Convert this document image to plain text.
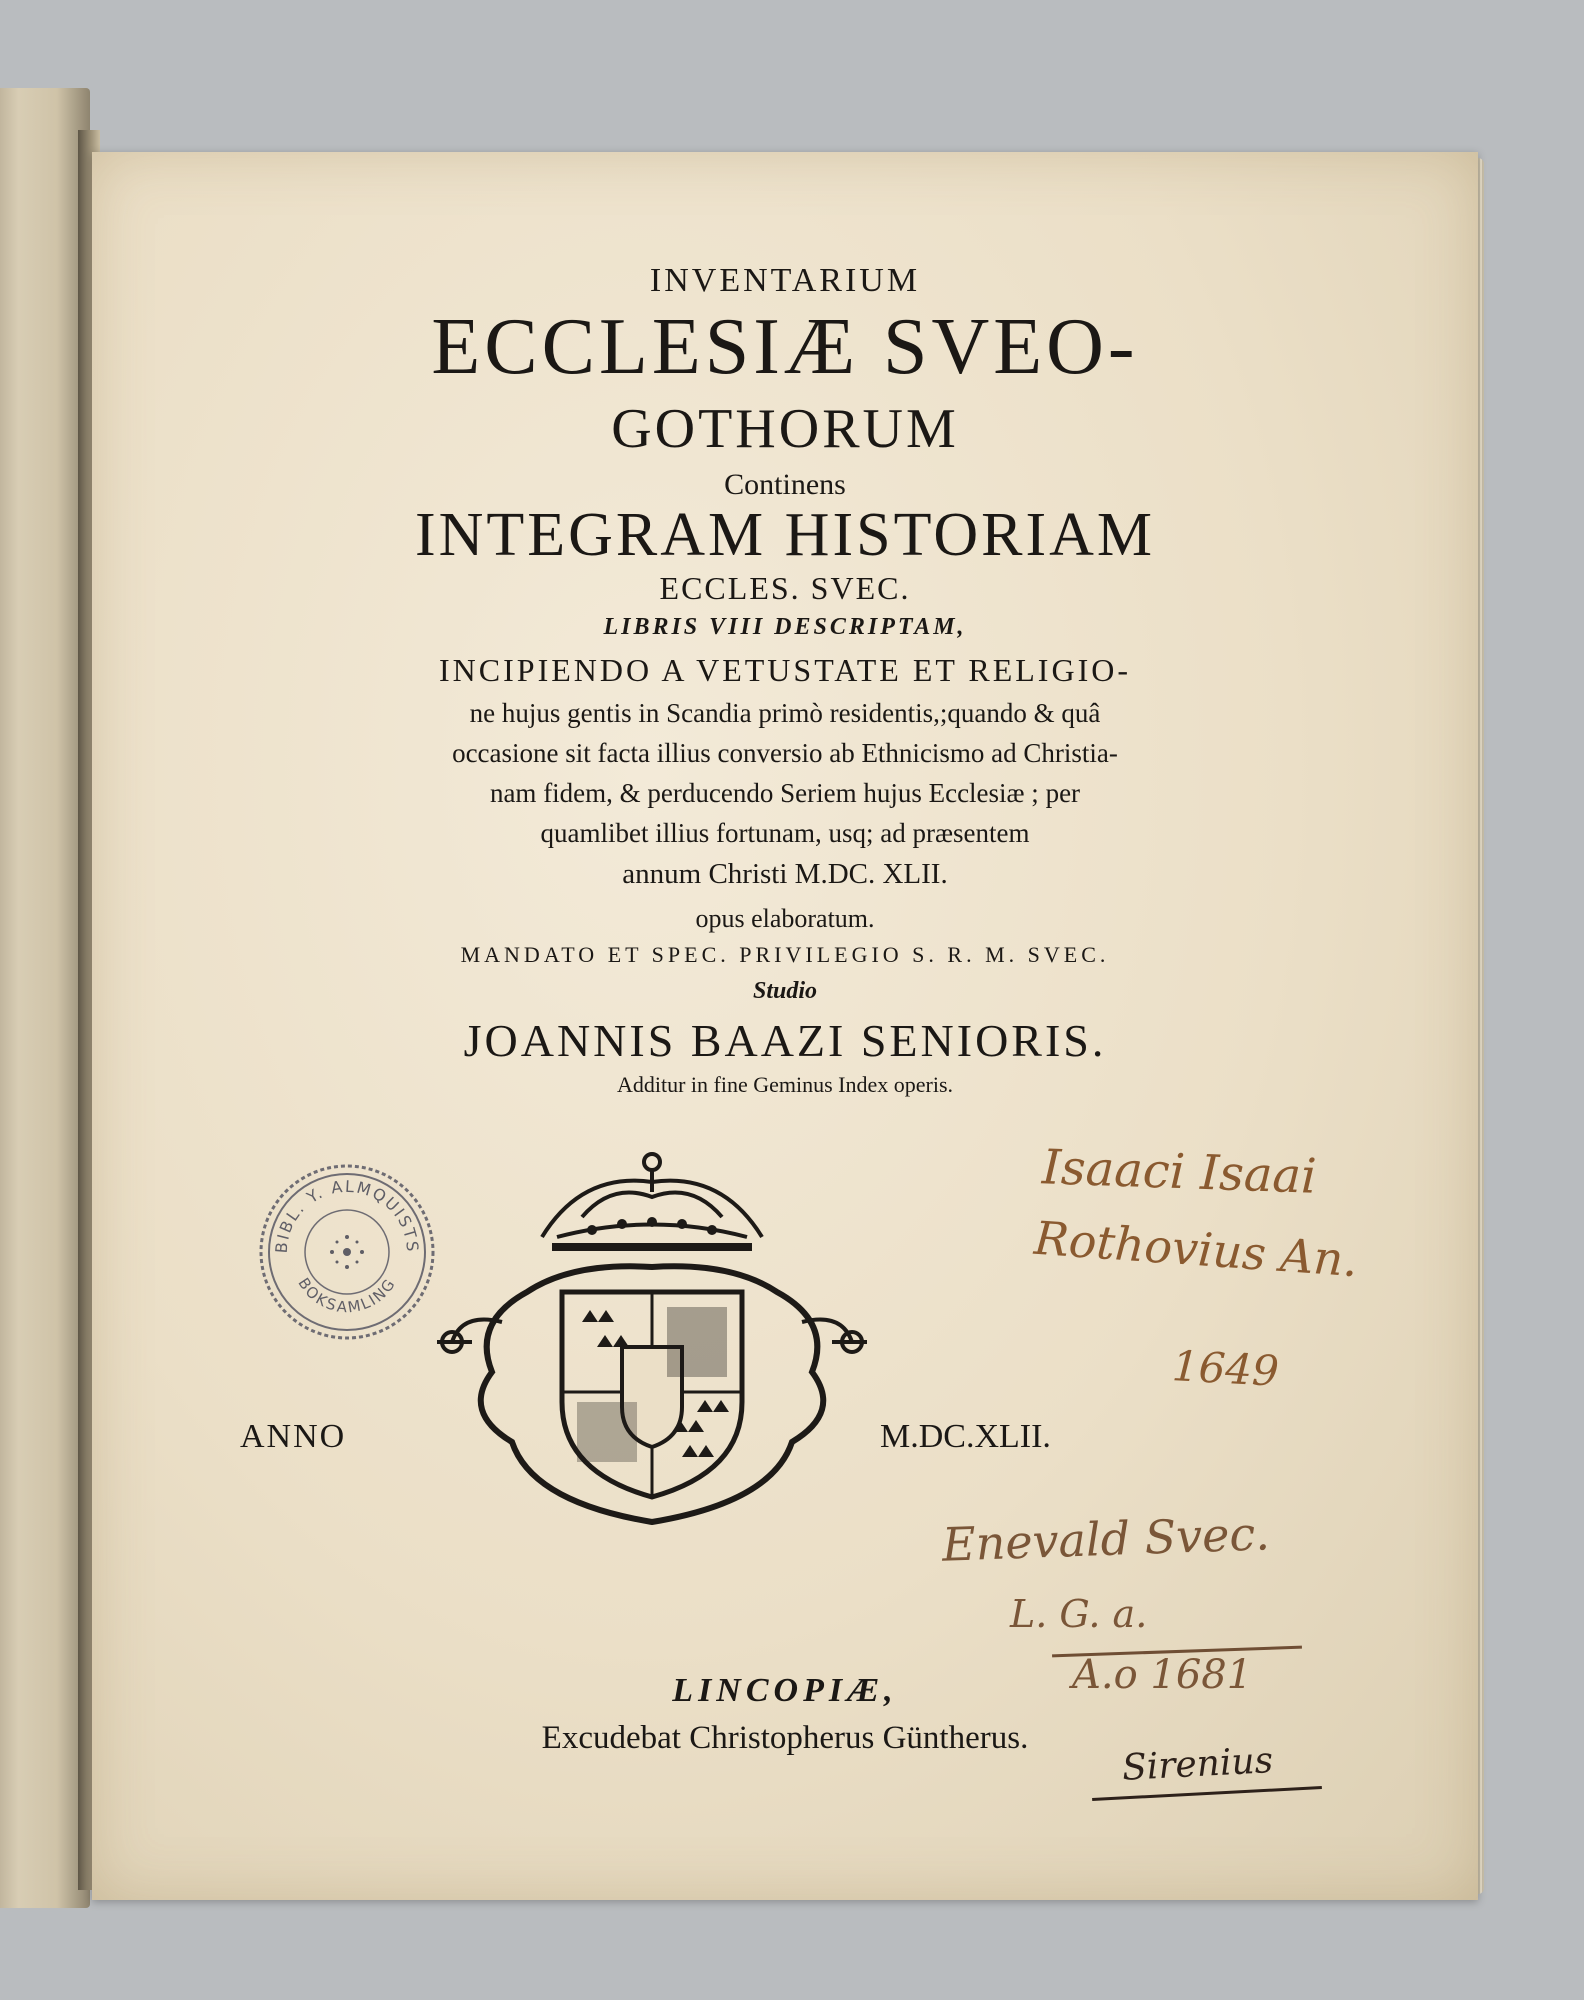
INVENTARIUM
ECCLESIÆ SVEO-
GOTHORUM
Continens
INTEGRAM HISTORIAM
ECCLES. SVEC.
LIBRIS VIII DESCRIPTAM,
INCIPIENDO A VETUSTATE ET RELIGIO-
ne hujus gentis in Scandia primò residentis,;quando & quâ
occasione sit facta illius conversio ab Ethnicismo ad Christia-
nam fidem, & perducendo Seriem hujus Ecclesiæ ; per
quamlibet illius fortunam, usq; ad præsentem
annum Christi M.DC. XLII.
opus elaboratum.
MANDATO ET SPEC. PRIVILEGIO S. R. M. SVEC.
Studio
JOANNIS BAAZI SENIORIS.
Additur in fine Geminus Index operis.
BIBL. Y. ALMQUISTS
BOKSAMLING
ANNO	M.DC.XLII.
LINCOPIÆ,
Excudebat Christopherus Güntherus.
Isaaci Isaai
Rothovius An.
1649
Enevald Svec.
L. G. a.
A.o 1681
Sirenius
